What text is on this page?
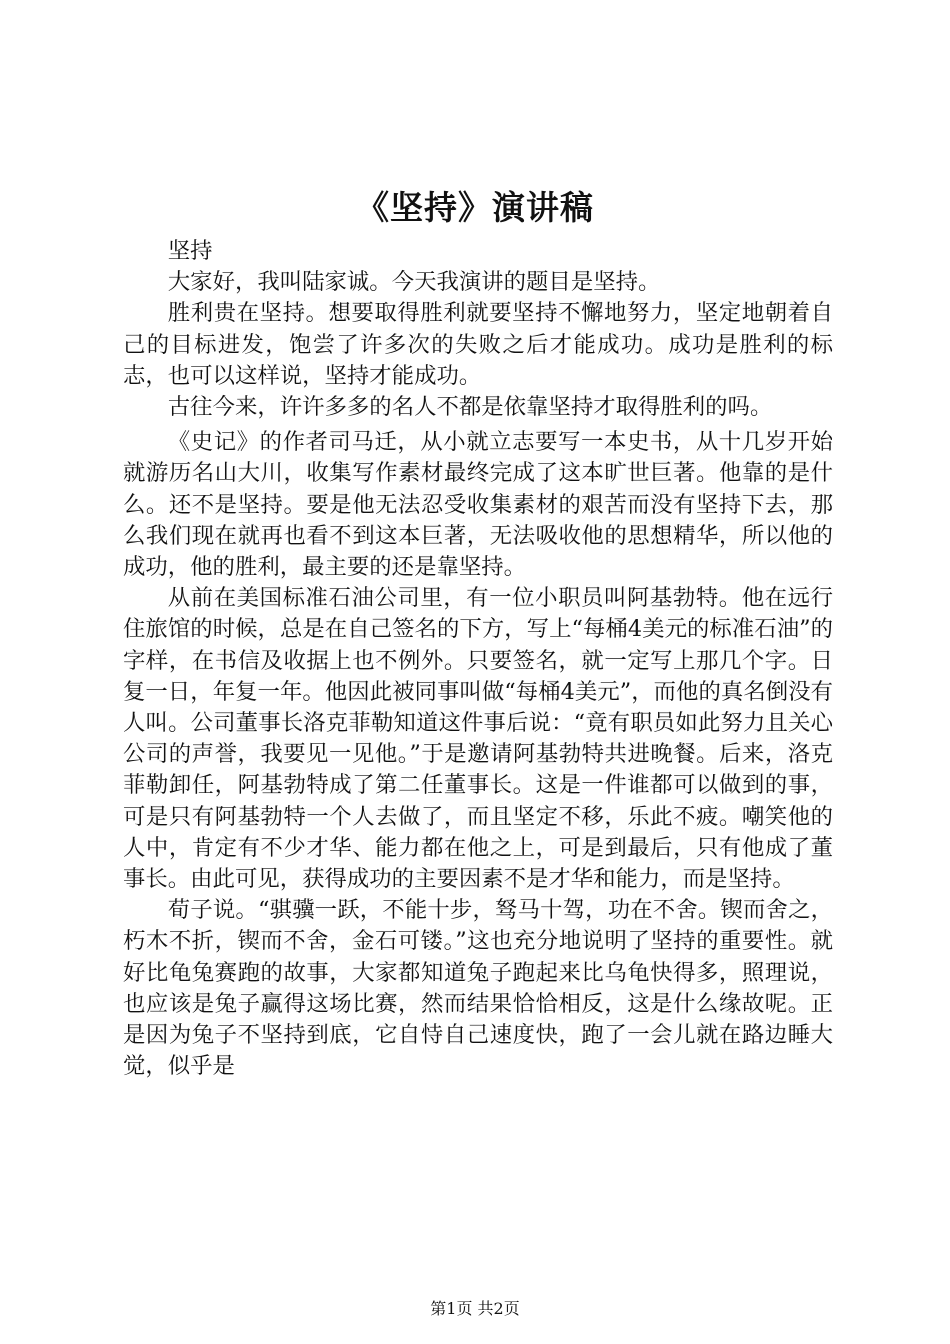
《坚持》演讲稿

坚持

大家好，我叫陆家诚。今天我演讲的题目是坚持。

胜利贵在坚持。想要取得胜利就要坚持不懈地努力，坚定地朝着自己的目标进发，饱尝了许多次的失败之后才能成功。成功是胜利的标志，也可以这样说，坚持才能成功。

古往今来，许许多多的名人不都是依靠坚持才取得胜利的吗。

《史记》的作者司马迁，从小就立志要写一本史书，从十几岁开始就游历名山大川，收集写作素材最终完成了这本旷世巨著。他靠的是什么。还不是坚持。要是他无法忍受收集素材的艰苦而没有坚持下去，那么我们现在就再也看不到这本巨著，无法吸收他的思想精华，所以他的成功，他的胜利，最主要的还是靠坚持。

从前在美国标准石油公司里，有一位小职员叫阿基勃特。他在远行住旅馆的时候，总是在自己签名的下方，写上“每桶4美元的标准石油”的字样，在书信及收据上也不例外。只要签名，就一定写上那几个字。日复一日，年复一年。他因此被同事叫做“每桶4美元”，而他的真名倒没有人叫。公司董事长洛克菲勒知道这件事后说：“竟有职员如此努力且关心公司的声誉，我要见一见他。”于是邀请阿基勃特共进晚餐。后来，洛克菲勒卸任，阿基勃特成了第二任董事长。这是一件谁都可以做到的事，可是只有阿基勃特一个人去做了，而且坚定不移，乐此不疲。嘲笑他的人中，肯定有不少才华、能力都在他之上，可是到最后，只有他成了董事长。由此可见，获得成功的主要因素不是才华和能力，而是坚持。

荀子说。“骐骥一跃，不能十步，驽马十驾，功在不舍。锲而舍之，朽木不折，锲而不舍，金石可镂。”这也充分地说明了坚持的重要性。就好比龟兔赛跑的故事，大家都知道兔子跑起来比乌龟快得多，照理说，也应该是兔子赢得这场比赛，然而结果恰恰相反，这是什么缘故呢。正是因为兔子不坚持到底，它自恃自己速度快，跑了一会儿就在路边睡大觉，似乎是

第1页 共2页
